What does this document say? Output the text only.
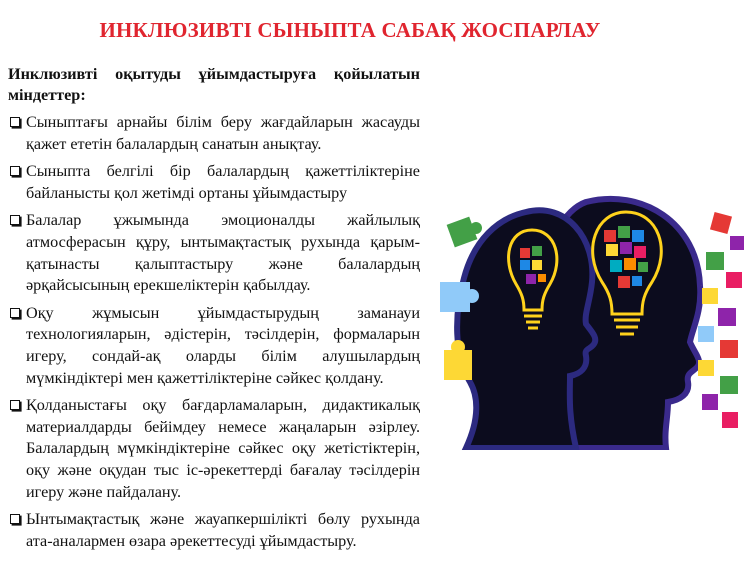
ИНКЛЮЗИВТІ СЫНЫПТА САБАҚ ЖОСПАРЛАУ
Инклюзивті оқытуды ұйымдастыруға қойылатын міндеттер:
Сыныптағы арнайы білім беру жағдайларын жасауды қажет ететін балалардың санатын анықтау.
Сыныпта белгілі бір балалардың қажеттіліктеріне байланысты қол жетімді ортаны ұйымдастыру
Балалар ұжымында эмоционалды жайлылық атмосферасын құру, ынтымақтастық рухында қарым-қатынасты қалыптастыру және балалардың әрқайсысының ерекшеліктерін қабылдау.
Оқу жұмысын ұйымдастырудың заманауи технологияларын, әдістерін, тәсілдерін, формаларын игеру, сондай-ақ оларды білім алушылардың мүмкіндіктері мен қажеттіліктеріне сәйкес қолдану.
Қолданыстағы оқу бағдарламаларын, дидактикалық материалдарды бейімдеу немесе жаңаларын әзірлеу. Балалардың мүмкіндіктеріне сәйкес оқу жетістіктерін, оқу және оқудан тыс іс-әрекеттерді бағалау тәсілдерін игеру және пайдалану.
Ынтымақтастық және жауапкершілікті бөлу рухында ата-аналармен өзара әрекеттесуді ұйымдастыру.
